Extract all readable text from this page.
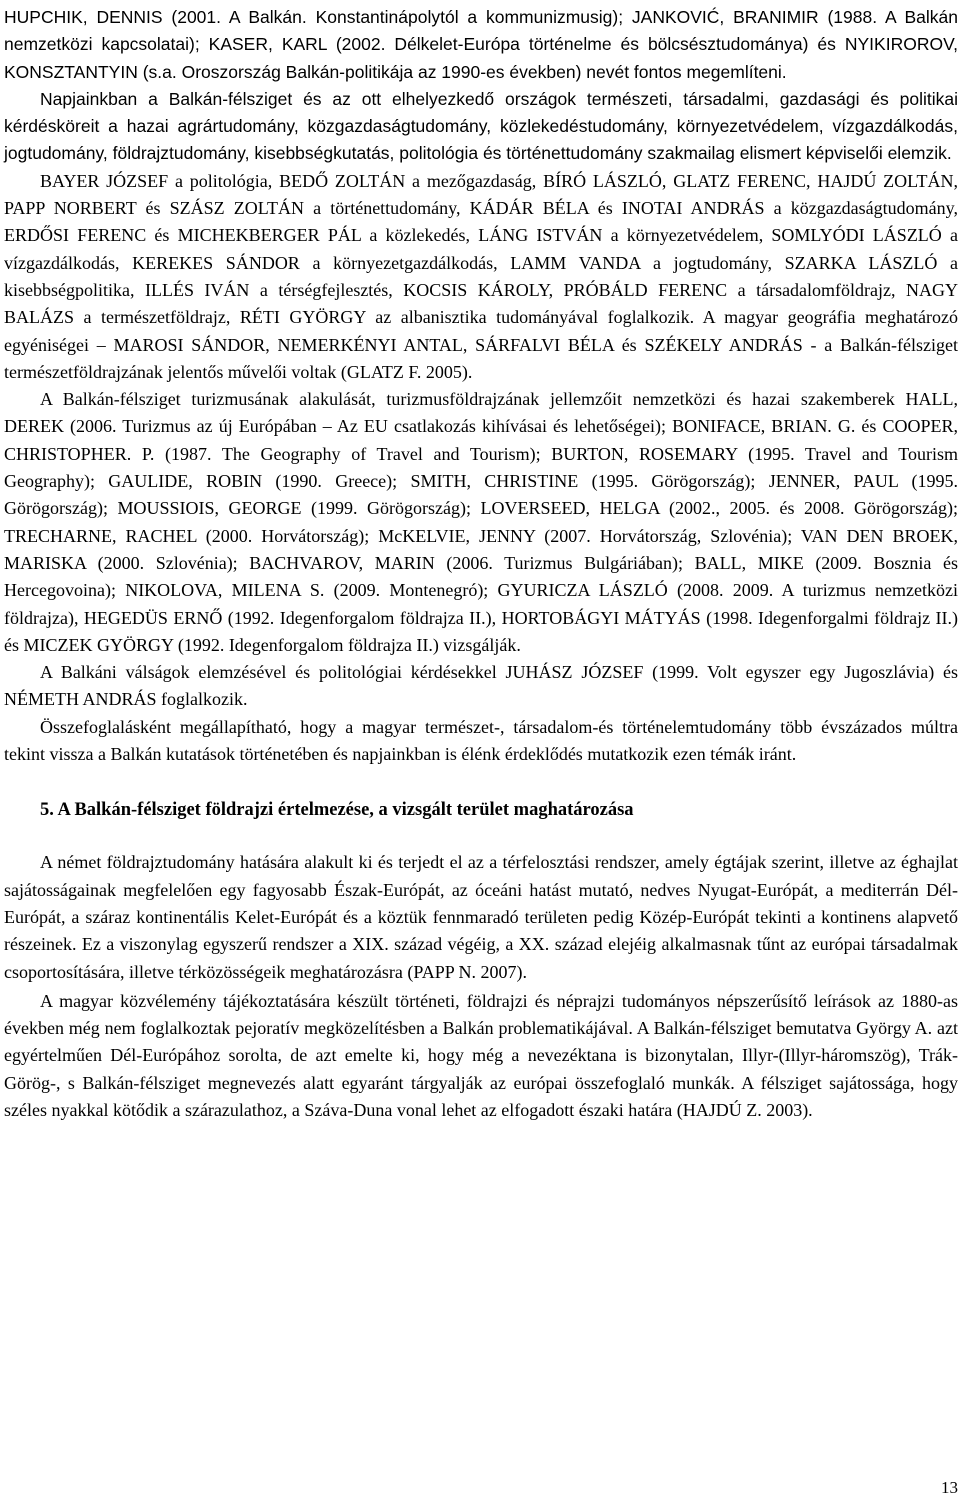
HUPCHIK, DENNIS (2001. A Balkán. Konstantinápolytól a kommunizmusig); JANKOVIĆ, BRANIMIR (1988. A Balkán nemzetközi kapcsolatai); KASER, KARL (2002. Délkelet-Európa történelme és bölcsésztudománya) és NYIKIROROV, KONSZTANTYIN (s.a. Oroszország Balkán-politikája az 1990-es években) nevét fontos megemlíteni.

Napjainkban a Balkán-félsziget és az ott elhelyezkedő országok természeti, társadalmi, gazdasági és politikai kérdésköreit a hazai agrártudomány, közgazdaságtudomány, közlekedéstudomány, környezetvédelem, vízgazdálkodás, jogtudomány, földrajztudomány, kisebbségkutatás, politológia és történettudomány szakmailag elismert képviselői elemzik.

BAYER JÓZSEF a politológia, BEDŐ ZOLTÁN a mezőgazdaság, BÍRÓ LÁSZLÓ, GLATZ FERENC, HAJDÚ ZOLTÁN, PAPP NORBERT és SZÁSZ ZOLTÁN a történettudomány, KÁDÁR BÉLA és INOTAI ANDRÁS a közgazdaságtudomány, ERDŐSI FERENC és MICHEKBERGER PÁL a közlekedés, LÁNG ISTVÁN a környezetvédelem, SOMLYÓDI LÁSZLÓ a vízgazdálkodás, KEREKES SÁNDOR a környezetgazdálkodás, LAMM VANDA a jogtudomány, SZARKA LÁSZLÓ a kisebbségpolitika, ILLÉS IVÁN a térségfejlesztés, KOCSIS KÁROLY, PRÓBÁLD FERENC a társadalomföldrajz, NAGY BALÁZS a természetföldrajz, RÉTI GYÖRGY az albanisztika tudományával foglalkozik. A magyar geográfia meghatározó egyéniségei – MAROSI SÁNDOR, NEMERKÉNYI ANTAL, SÁRFALVI BÉLA és SZÉKELY ANDRÁS - a Balkán-félsziget természetföldrajzának jelentős művelői voltak (GLATZ F. 2005).

A Balkán-félsziget turizmusának alakulását, turizmusföldrajzának jellemzőit nemzetközi és hazai szakemberek HALL, DEREK (2006. Turizmus az új Európában – Az EU csatlakozás kihívásai és lehetőségei); BONIFACE, BRIAN. G. és COOPER, CHRISTOPHER. P. (1987. The Geography of Travel and Tourism); BURTON, ROSEMARY (1995. Travel and Tourism Geography); GAULIDE, ROBIN (1990. Greece); SMITH, CHRISTINE (1995. Görögország); JENNER, PAUL (1995. Görögország); MOUSSIOIS, GEORGE (1999. Görögország); LOVERSEED, HELGA (2002., 2005. és 2008. Görögország); TRECHARNE, RACHEL (2000. Horvátország); McKELVIE, JENNY (2007. Horvátország, Szlovénia); VAN DEN BROEK, MARISKA (2000. Szlovénia); BACHVAROV, MARIN (2006. Turizmus Bulgáriában); BALL, MIKE (2009. Bosznia és Hercegovoina); NIKOLOVA, MILENA S. (2009. Montenegró); GYURICZA LÁSZLÓ (2008. 2009. A turizmus nemzetközi földrajza), HEGEDÜS ERNŐ (1992. Idegenforgalom földrajza II.), HORTOBÁGYI MÁTYÁS (1998. Idegenforgalmi földrajz II.) és MICZEK GYÖRGY (1992. Idegenforgalom földrajza II.) vizsgálják.

A Balkáni válságok elemzésével és politológiai kérdésekkel JUHÁSZ JÓZSEF (1999. Volt egyszer egy Jugoszlávia) és NÉMETH ANDRÁS foglalkozik.

Összefoglalásként megállapítható, hogy a magyar természet-, társadalom-és történelemtudomány több évszázados múltra tekint vissza a Balkán kutatások történetében és napjainkban is élénk érdeklődés mutatkozik ezen témák iránt.

5. A Balkán-félsziget földrajzi értelmezése, a vizsgált terület maghatározása

A német földrajztudomány hatására alakult ki és terjedt el az a térfelosztási rendszer, amely égtájak szerint, illetve az éghajlat sajátosságainak megfelelően egy fagyosabb Észak-Európát, az óceáni hatást mutató, nedves Nyugat-Európát, a mediterrán Dél-Európát, a száraz kontinentális Kelet-Európát és a köztük fennmaradó területen pedig Közép-Európát tekinti a kontinens alapvető részeinek. Ez a viszonylag egyszerű rendszer a XIX. század végéig, a XX. század elejéig alkalmasnak tűnt az európai társadalmak csoportosítására, illetve térközösségeik meghatározásra (PAPP N. 2007).

A magyar közvélemény tájékoztatására készült történeti, földrajzi és néprajzi tudományos népszerűsítő leírások az 1880-as években még nem foglalkoztak pejoratív megközelítésben a Balkán problematikájával. A Balkán-félsziget bemutatva György A. azt egyértelműen Dél-Európához sorolta, de azt emelte ki, hogy még a nevezéktana is bizonytalan, Illyr-(Illyr-háromszög), Trák-Görög-, s Balkán-félsziget megnevezés alatt egyaránt tárgyalják az európai összefoglaló munkák. A félsziget sajátossága, hogy széles nyakkal kötődik a szárazulathoz, a Száva-Duna vonal lehet az elfogadott északi határa (HAJDÚ Z. 2003).

13
